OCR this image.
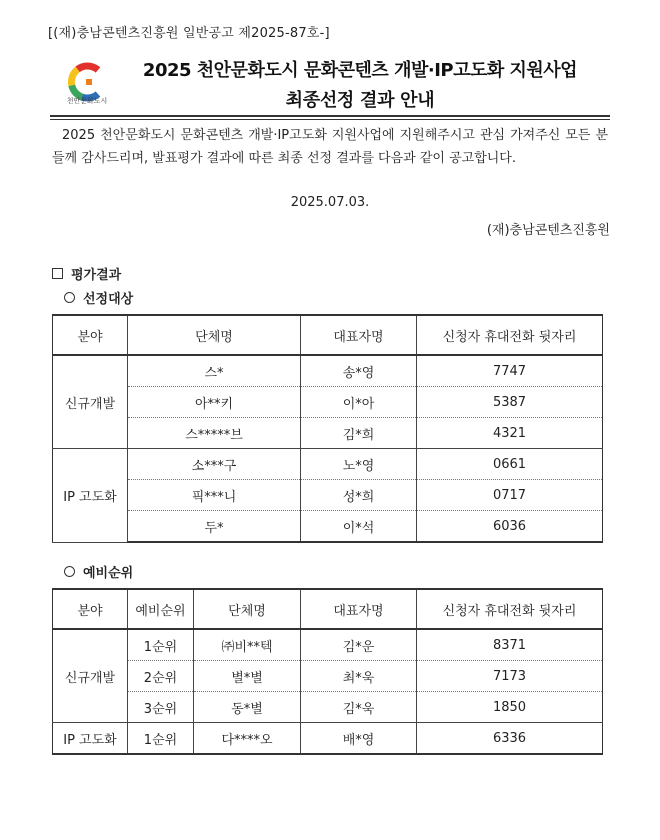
[(재)충남콘텐츠진흥원 일반공고 제2025-87호-]
천안문화도시
2025 천안문화도시 문화콘텐츠 개발·IP고도화 지원사업
최종선정 결과 안내
2025 천안문화도시 문화콘텐츠 개발·IP고도화 지원사업에 지원해주시고 관심 가져주신 모든 분들께 감사드리며, 발표평가 결과에 따른 최종 선정 결과를 다음과 같이 공고합니다.
2025.07.03.
(재)충남콘텐츠진흥원
평가결과
선정대상
분야	단체명	대표자명	신청자 휴대전화 뒷자리
신규개발	스*	송*영	7747
	아**키	이*아	5387
	스*****브	김*희	4321
IP 고도화	소***구	노*영	0661
	픽***니	성*희	0717
	두*	이*석	6036
예비순위
분야	예비순위	단체명	대표자명	신청자 휴대전화 뒷자리
신규개발	1순위	㈜비**텍	김*운	8371
	2순위	별*별	최*욱	7173
	3순위	동*별	김*욱	1850
IP 고도화	1순위	다****오	배*영	6336
